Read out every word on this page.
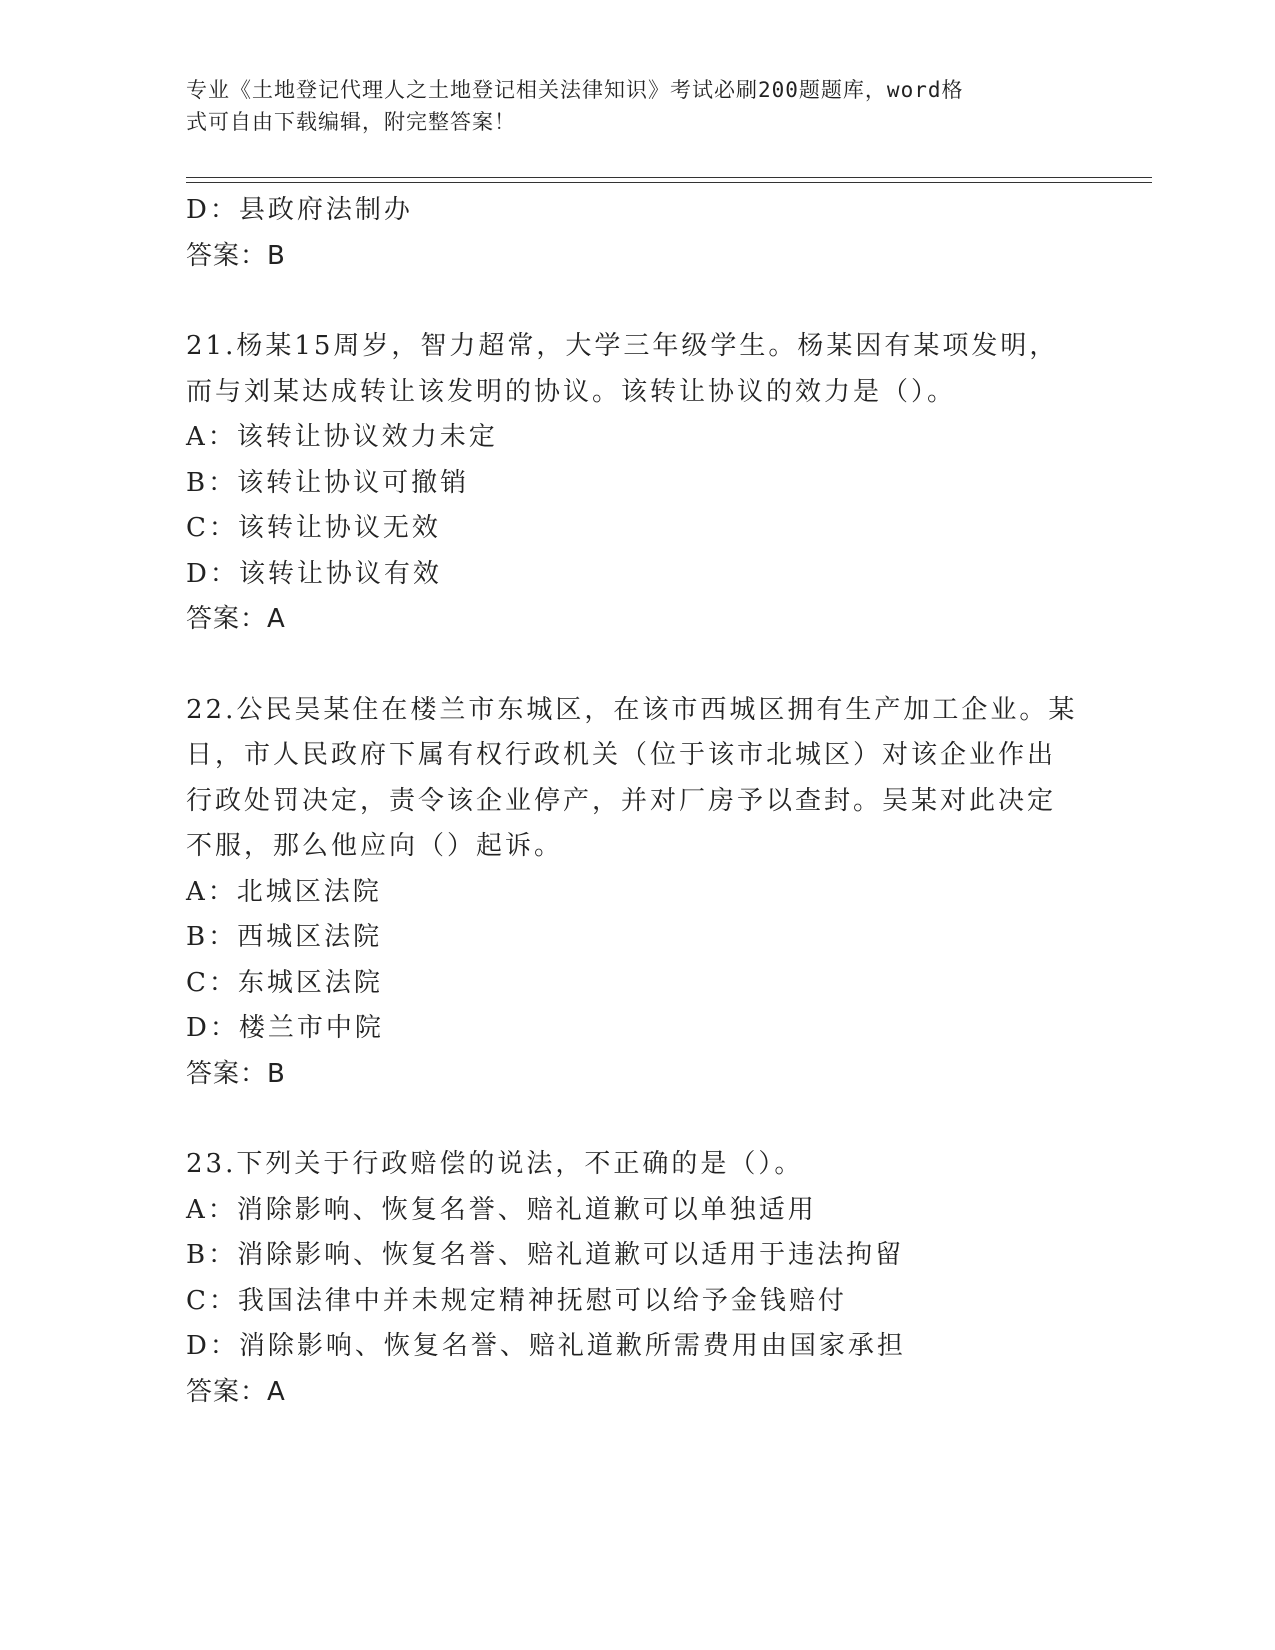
专业《土地登记代理人之土地登记相关法律知识》考试必刷200题题库，word格
式可自由下载编辑，附完整答案！
D：县政府法制办
答案：B
21.杨某15周岁，智力超常，大学三年级学生。杨某因有某项发明，
而与刘某达成转让该发明的协议。该转让协议的效力是（）。
A：该转让协议效力未定
B：该转让协议可撤销
C：该转让协议无效
D：该转让协议有效
答案：A
22.公民吴某住在楼兰市东城区，在该市西城区拥有生产加工企业。某
日，市人民政府下属有权行政机关（位于该市北城区）对该企业作出
行政处罚决定，责令该企业停产，并对厂房予以查封。吴某对此决定
不服，那么他应向（）起诉。
A：北城区法院
B：西城区法院
C：东城区法院
D：楼兰市中院
答案：B
23.下列关于行政赔偿的说法，不正确的是（）。
A：消除影响、恢复名誉、赔礼道歉可以单独适用
B：消除影响、恢复名誉、赔礼道歉可以适用于违法拘留
C：我国法律中并未规定精神抚慰可以给予金钱赔付
D：消除影响、恢复名誉、赔礼道歉所需费用由国家承担
答案：A
